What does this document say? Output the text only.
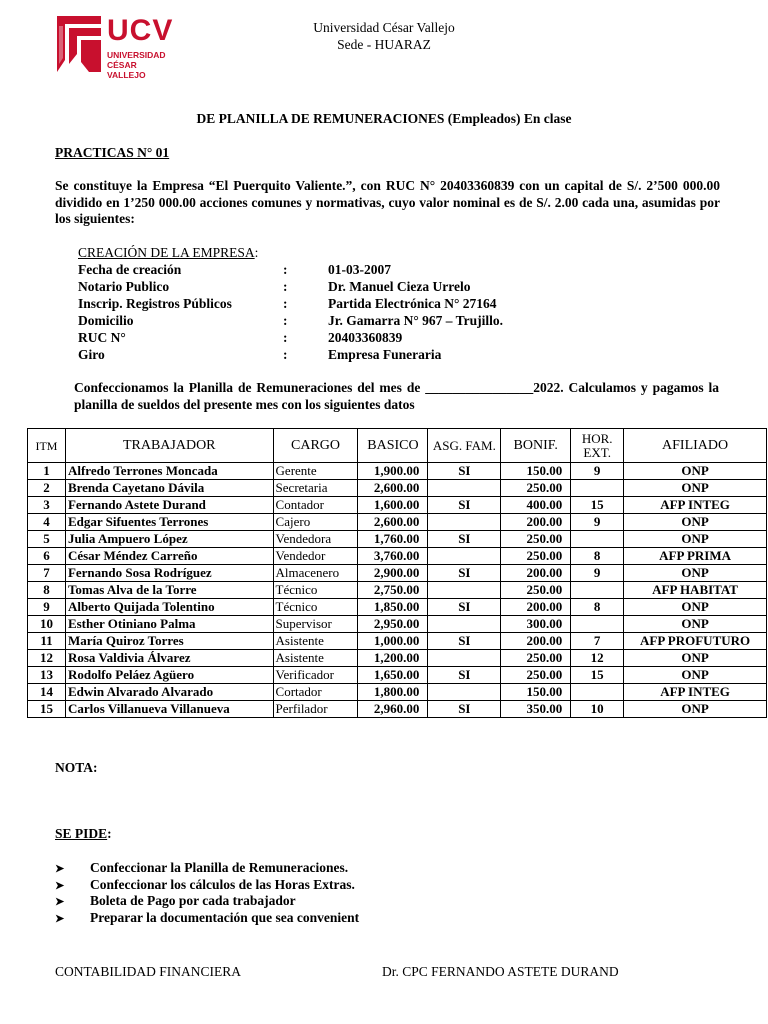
UCV
UNIVERSIDAD
CÉSAR VALLEJO
Universidad César Vallejo
Sede - HUARAZ
DE PLANILLA DE REMUNERACIONES (Empleados) En clase
PRACTICAS N° 01
Se constituye la Empresa “El Puerquito Valiente.”, con RUC N° 20403360839 con un capital de S/. 2’500 000.00 dividido en 1’250 000.00 acciones comunes y normativas, cuyo valor nominal es de S/. 2.00 cada una, asumidas por los siguientes:
CREACIÓN DE LA EMPRESA:
Fecha de creación	:	01-03-2007
Notario Publico	:	Dr. Manuel Cieza Urrelo
Inscrip. Registros Públicos	:	Partida Electrónica N° 27164
Domicilio	:	Jr. Gamarra N° 967 – Trujillo.
RUC N°	:	20403360839
Giro	:	Empresa Funeraria
Confeccionamos la Planilla de Remuneraciones del mes de ________________2022. Calculamos y pagamos la planilla de sueldos del presente mes con los siguientes datos
ITM	TRABAJADOR	CARGO	BASICO	ASG. FAM.	BONIF.	HOR. EXT.	AFILIADO
1	Alfredo Terrones Moncada	Gerente	1,900.00	SI	150.00	9	ONP
2	Brenda Cayetano Dávila	Secretaria	2,600.00		250.00		ONP
3	Fernando Astete Durand	Contador	1,600.00	SI	400.00	15	AFP INTEG
4	Edgar Sifuentes Terrones	Cajero	2,600.00		200.00	9	ONP
5	Julia Ampuero López	Vendedora	1,760.00	SI	250.00		ONP
6	César Méndez Carreño	Vendedor	3,760.00		250.00	8	AFP PRIMA
7	Fernando Sosa Rodríguez	Almacenero	2,900.00	SI	200.00	9	ONP
8	Tomas Alva de la Torre	Técnico	2,750.00		250.00		AFP HABITAT
9	Alberto Quijada Tolentino	Técnico	1,850.00	SI	200.00	8	ONP
10	Esther Otiniano Palma	Supervisor	2,950.00		300.00		ONP
11	María Quiroz Torres	Asistente	1,000.00	SI	200.00	7	AFP PROFUTURO
12	Rosa Valdivia Álvarez	Asistente	1,200.00		250.00	12	ONP
13	Rodolfo Peláez Agüero	Verificador	1,650.00	SI	250.00	15	ONP
14	Edwin Alvarado Alvarado	Cortador	1,800.00		150.00		AFP INTEG
15	Carlos Villanueva Villanueva	Perfilador	2,960.00	SI	350.00	10	ONP
NOTA:
SE PIDE:
➤ Confeccionar la Planilla de Remuneraciones.
➤ Confeccionar los cálculos de las Horas Extras.
➤ Boleta de Pago por cada trabajador
➤ Preparar la documentación que sea convenient
CONTABILIDAD FINANCIERA	Dr. CPC FERNANDO ASTETE DURAND
